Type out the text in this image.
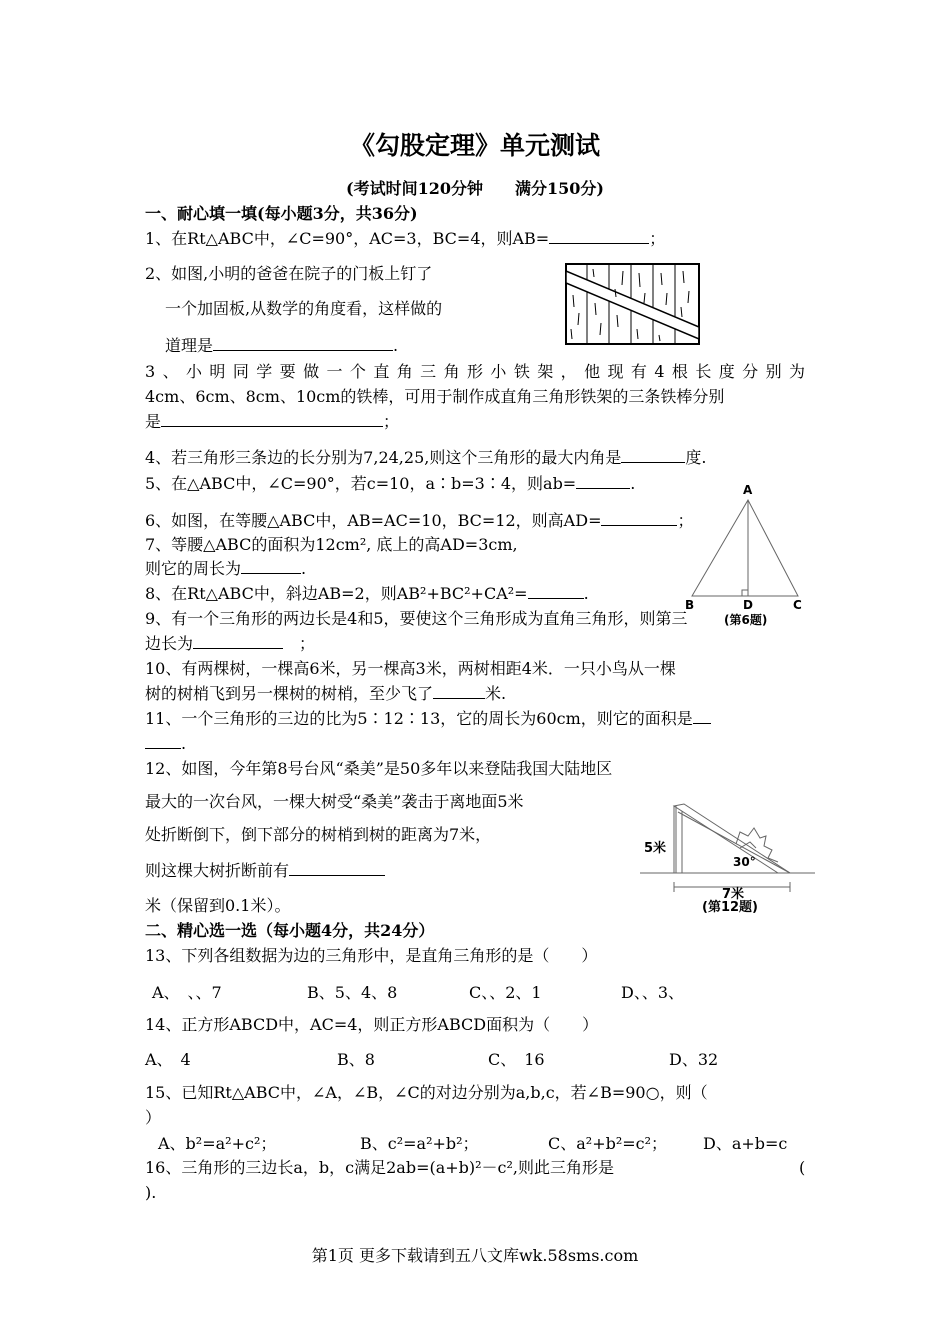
《勾股定理》单元测试
(考试时间120分钟　　满分150分)
一、耐心填一填(每小题3分，共36分)
1、在Rt△ABC中，∠C=90°，AC=3，BC=4，则AB=	；
2、如图,小明的爸爸在院子的门板上钉了
一个加固板,从数学的角度看，这样做的
道理是	.
3、小明同学要做一个直角三角形小铁架，他现有4根长度分别为
4cm、6cm、8cm、10cm的铁棒，可用于制作成直角三角形铁架的三条铁棒分别
是	；
4、若三角形三条边的长分别为7,24,25,则这个三角形的最大内角是	度.
5、在△ABC中，∠C=90°，若c=10，a∶b=3∶4，则ab=	.
6、如图，在等腰△ABC中，AB=AC=10，BC=12，则高AD=	；
7、等腰△ABC的面积为12cm², 底上的高AD=3cm,
则它的周长为	.
8、在Rt△ABC中，斜边AB=2，则AB²+BC²+CA²=	.
A
B	D	C
(第6题)
9、有一个三角形的两边长是4和5，要使这个三角形成为直角三角形，则第三
边长为	；
10、有两棵树，一棵高6米，另一棵高3米，两树相距4米．一只小鸟从一棵
树的树梢飞到另一棵树的树梢，至少飞了	米.
11、一个三角形的三边的比为5∶12∶13，它的周长为60cm，则它的面积是
.
12、如图，今年第8号台风“桑美”是50多年以来登陆我国大陆地区
最大的一次台风，一棵大树受“桑美”袭击于离地面5米
处折断倒下，倒下部分的树梢到树的距离为7米，
则这棵大树折断前有
米（保留到0.1米）。
5米
30°
7米
(第12题)
二、精心选一选（每小题4分，共24分）
13、下列各组数据为边的三角形中，是直角三角形的是（　　）
A、　、、7	B、5、4、8	C、、2、1	D、、3、
14、正方形ABCD中，AC=4，则正方形ABCD面积为（　　）
A、　4	B、8	C、　16	D、32
15、已知Rt△ABC中，∠A，∠B，∠C的对边分别为a,b,c，若∠B=90○，则（
）
A、b²=a²+c²；	B、c²=a²+b²；	C、a²+b²=c²； D、a+b=c
16、三角形的三边长a，b，c满足2ab=(a+b)²－c²,则此三角形是	(
).
第1页 更多下载请到五八文库wk.58sms.com
